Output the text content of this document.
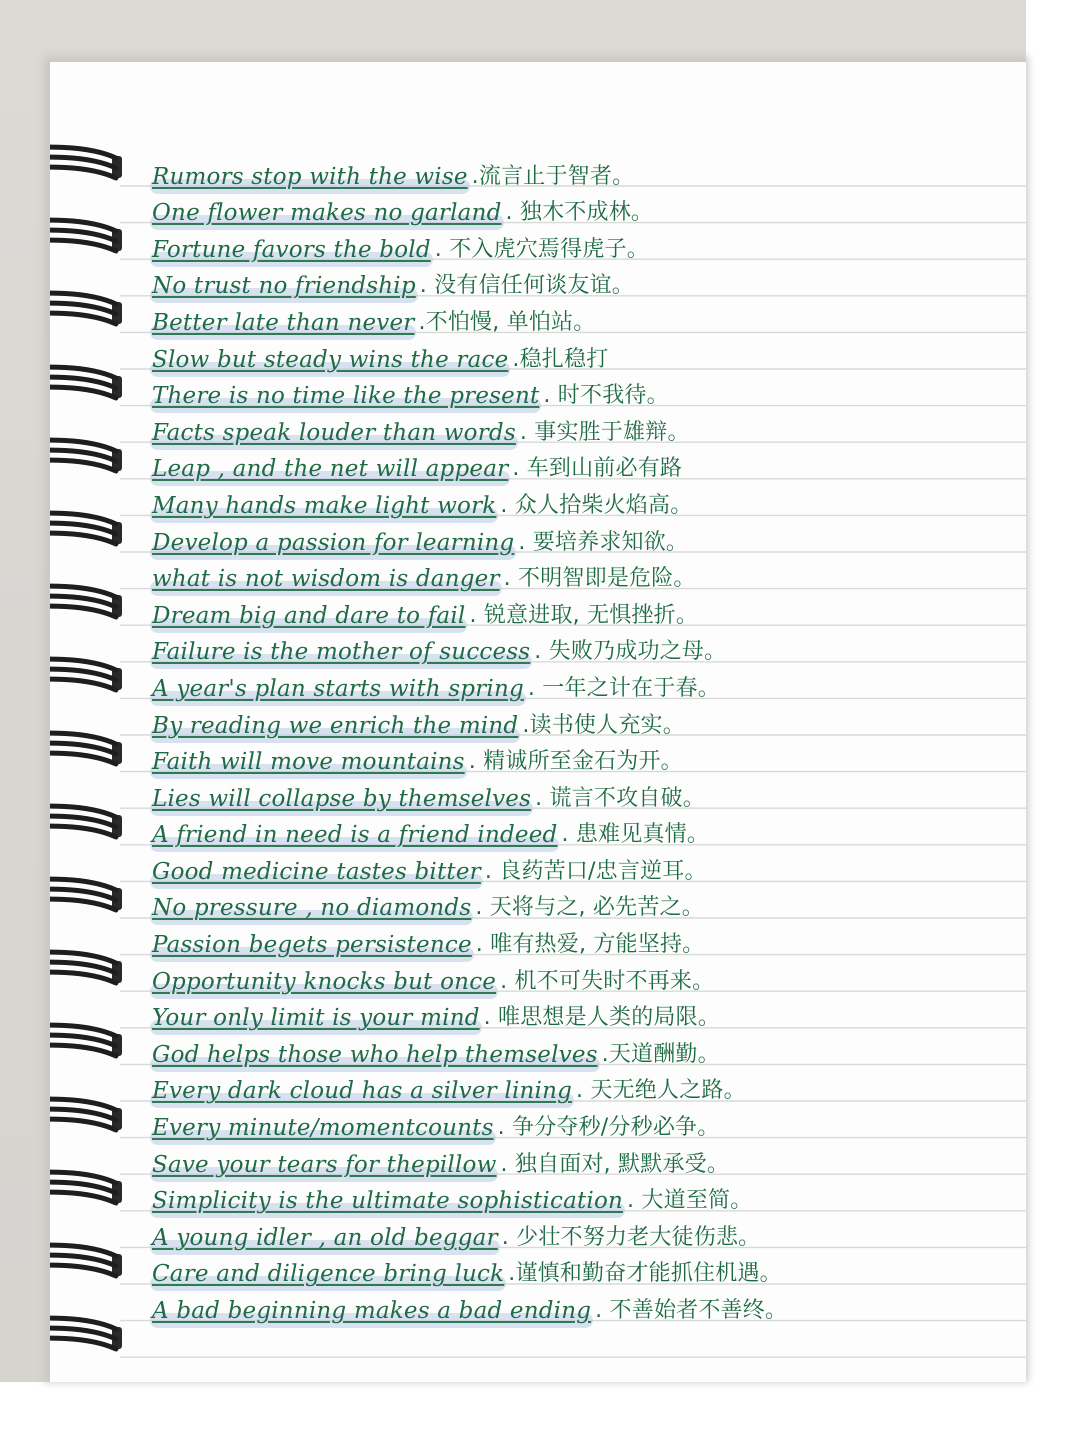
Rumors stop with the wise .流言止于智者。
One flower makes no garland . 独木不成林。
Fortune favors the bold . 不入虎穴焉得虎子。
No trust no friendship . 没有信任何谈友谊。
Better late than never .不怕慢, 单怕站。
Slow but steady wins the race .稳扎稳打
There is no time like the present . 时不我待。
Facts speak louder than words . 事实胜于雄辩。
Leap , and the net will appear . 车到山前必有路
Many hands make light work . 众人拾柴火焰高。
Develop a passion for learning . 要培养求知欲。
what is not wisdom is danger . 不明智即是危险。
Dream big and dare to fail . 锐意进取, 无惧挫折。
Failure is the mother of success . 失败乃成功之母。
A year's plan starts with spring . 一年之计在于春。
By reading we enrich the mind .读书使人充实。
Faith will move mountains . 精诚所至金石为开。
Lies will collapse by themselves . 谎言不攻自破。
A friend in need is a friend indeed . 患难见真情。
Good medicine tastes bitter . 良药苦口/忠言逆耳。
No pressure , no diamonds . 天将与之, 必先苦之。
Passion begets persistence . 唯有热爱, 方能坚持。
Opportunity knocks but once . 机不可失时不再来。
Your only limit is your mind . 唯思想是人类的局限。
God helps those who help themselves .天道酬勤。
Every dark cloud has a silver lining . 天无绝人之路。
Every minute/momentcounts . 争分夺秒/分秒必争。
Save your tears for thepillow . 独自面对, 默默承受。
Simplicity is the ultimate sophistication . 大道至简。
A young idler , an old beggar . 少壮不努力老大徒伤悲。
Care and diligence bring luck .谨慎和勤奋才能抓住机遇。
A bad beginning makes a bad ending . 不善始者不善终。
